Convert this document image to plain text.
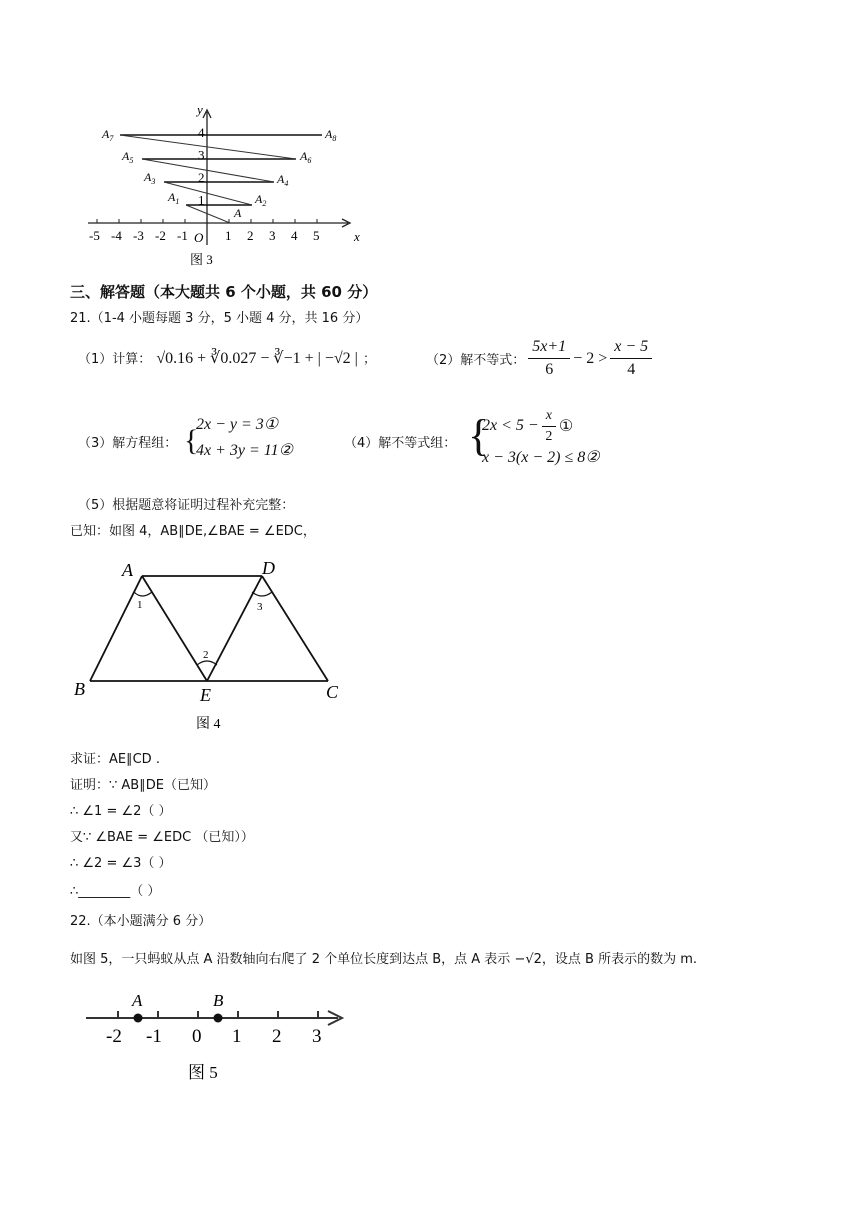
y
x
O
-5 -4 -3 -2 -1	1 2 3 4 5
1
2
3
4
$A_7$	$A_8$
$A_5$	$A_6$
$A_3$	$A_4$
$A_1$	$A_2$
A
图 3
三、解答题（本大题共 6 个小题，共 60 分）
21.（1-4 小题每题 3 分，5 小题 4 分，共 16 分）
（1）计算： √0.16 + ∛0.027 − ∛−1 + | −√2 | ；	（2）解不等式： $\frac{5x+1}{6} - 2 > \frac{x - 5}{4}$
（3）解方程组： {
2x − y = 3①
4x + 3y = 11②	（4）解不等式组： {
$2x < 5 - \frac{x}{2}$ ①
x − 3(x − 2) ≤ 8②
（5）根据题意将证明过程补充完整：
已知：如图 4，AB∥DE,∠BAE = ∠EDC，
A	D
B	E	C
1
2
3
图 4
求证：AE∥CD .
证明：∵ AB∥DE（已知）
∴ ∠1 = ∠2（ ）
又∵ ∠BAE = ∠EDC （已知））
∴ ∠2 = ∠3（ ）
∴________（ ）
22.（本小题满分 6 分）
如图 5，一只蚂蚁从点 A 沿数轴向右爬了 2 个单位长度到达点 B，点 A 表示 −√2，设点 B 所表示的数为 m.
-2 -1 0 1 2 3
A	B
图 5
